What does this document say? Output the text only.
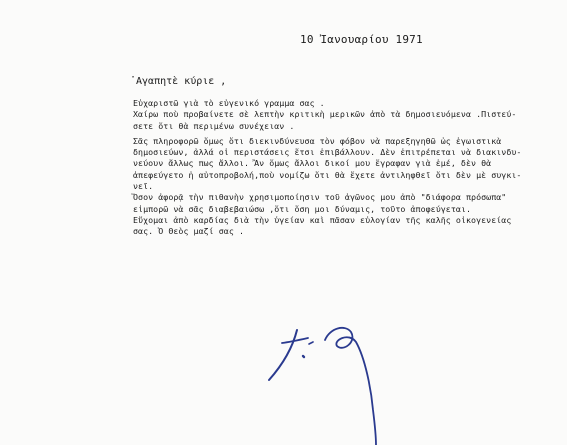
10 Ἰανουαρίου 1971
᾿Αγαπητὲ κύριε ,
Εὐχαριστῶ γιὰ τὸ εὐγενικό γραμμα σας .
Χαίρω ποὺ προβαίνετε σὲ λεπτὴν κριτικὴ μερικῶν ἀπὸ τὰ δημοσιευόμενα .Πιστεύ-
σετε ὅτι θὰ περιμένω συνέχειαν .
Σᾶς πληροφορῶ ὅμως ὅτι διεκινδύνευσα τὸν φόβον νὰ παρεξηγηθῶ ὡς ἐγωιστικὰ
δημοσιεύων, ἀλλά οἱ περιστάσεις ἔτσι ἐπιβάλλουν. Δὲν ἐπιτρέπεται νὰ διακινδυ-
νεύουν ἄλλως πως ἄλλοι. Ἂν ὅμως ἄλλοι δικοί μου ἔγραφαν γιὰ ἐμέ, δὲν θὰ
ἀπεφεύγετο ἡ αὐτοπροβολή,ποὺ νομίζω ὅτι θὰ ἔχετε ἀντιληφθεῖ ὅτι δὲν μὲ συγκι-
νεῖ.
Ὅσον ἀφορᾷ τὴν πιθανὴν χρησιμοποίησιν τοῦ ἀγῶνος μου ἀπὸ "διάφορα πρόσωπα"
εἰμπορῶ νὰ σᾶς διαβεβαιώσω ,ὅτι ὅση μοι δύναμις, τοῦτο ἀποφεύγεται.
Εὔχομαι ἀπὸ καρδίας διὰ τὴν ὑγείαν καὶ πᾶσαν εὐλογίαν τῆς καλῆς οἰκογενείας
σας. Ὁ Θεὸς μαζί σας .
